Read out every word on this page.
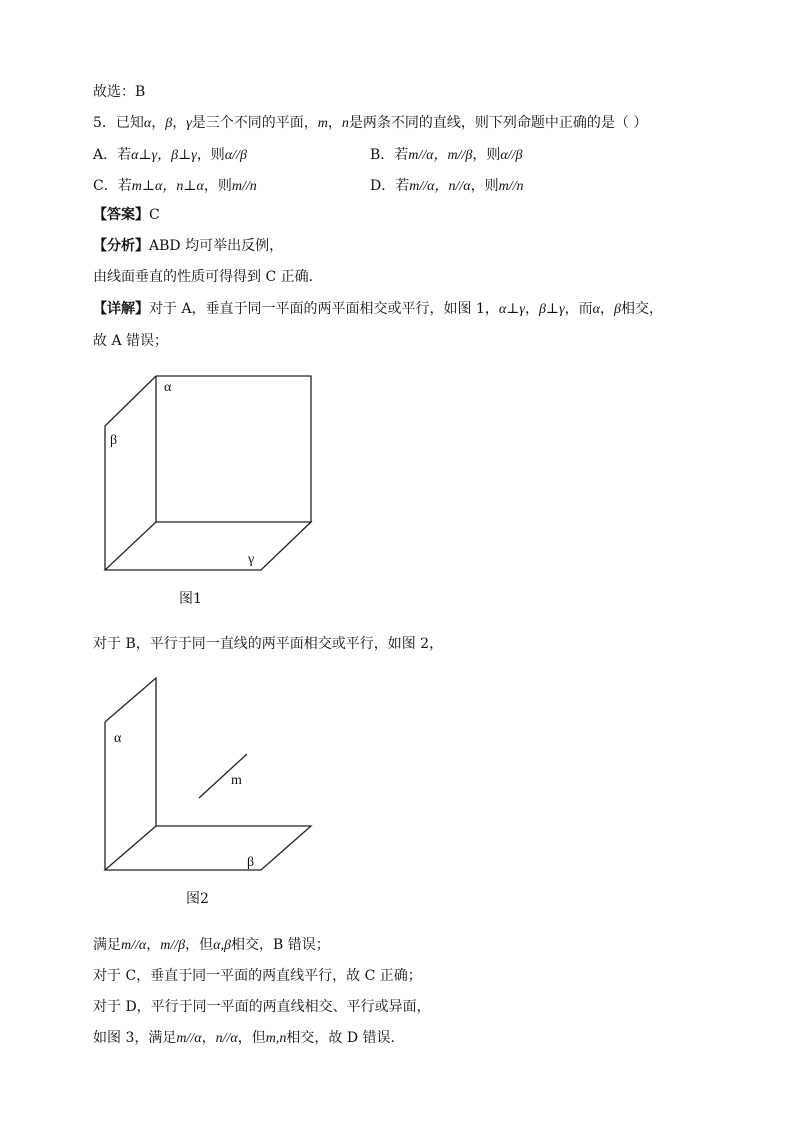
故选：B
5．已知α，β，γ是三个不同的平面，m，n是两条不同的直线，则下列命题中正确的是（ ）
A．若α⊥γ，β⊥γ，则α//β	B．若m//α，m//β，则α//β
C．若m⊥α，n⊥α，则m//n	D．若m//α，n//α，则m//n
【答案】C
【分析】ABD 均可举出反例，
由线面垂直的性质可得得到 C 正确.
【详解】对于 A，垂直于同一平面的两平面相交或平行，如图 1，α⊥γ，β⊥γ，而α，β相交，
故 A 错误；
α
β
γ
α
m
β
图1
对于 B，平行于同一直线的两平面相交或平行，如图 2，
图2
满足m//α，m//β，但α,β相交，B 错误；
对于 C，垂直于同一平面的两直线平行，故 C 正确；
对于 D，平行于同一平面的两直线相交、平行或异面，
如图 3，满足m//α，n//α，但m,n相交，故 D 错误.
